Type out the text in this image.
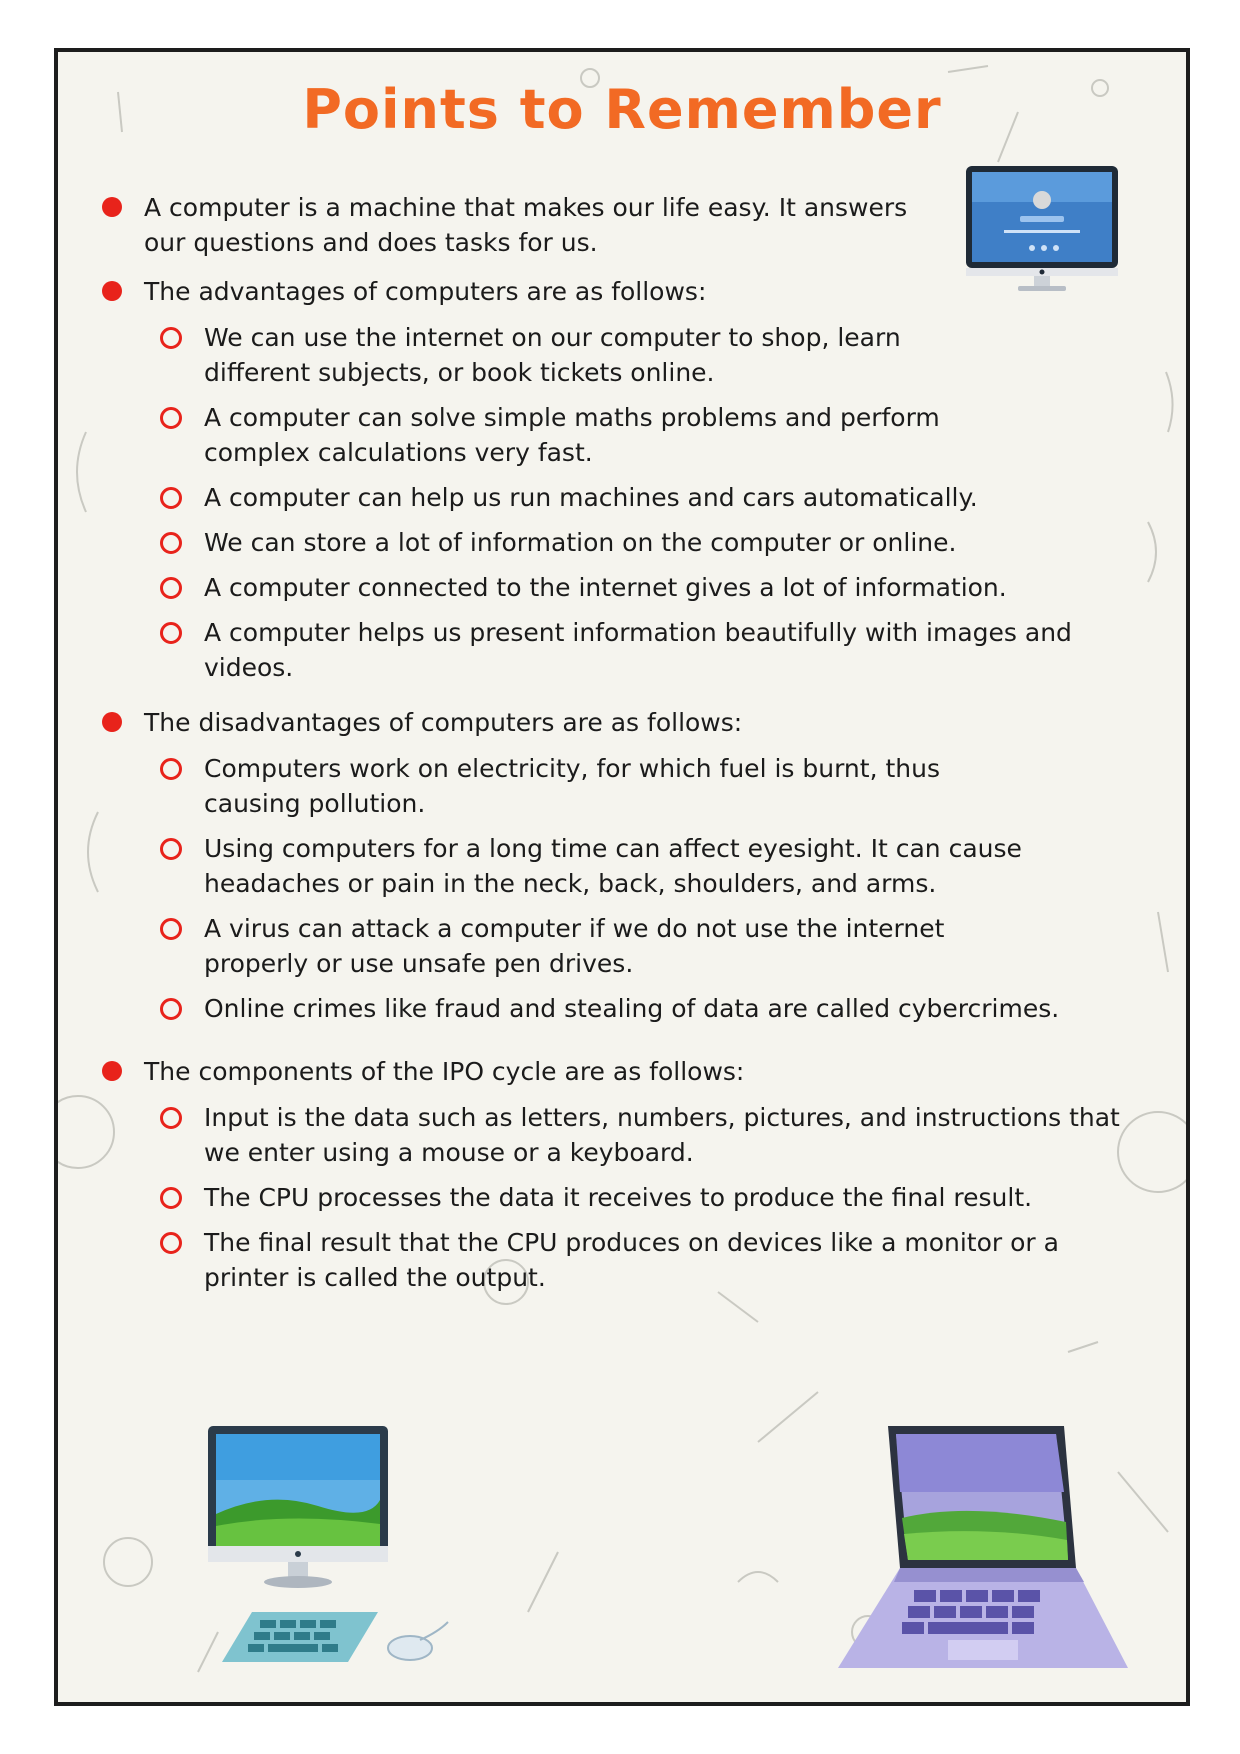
Points to Remember
A computer is a machine that makes our life easy. It answers our questions and does tasks for us.
The advantages of computers are as follows:
We can use the internet on our computer to shop, learn different subjects, or book tickets online.
A computer can solve simple maths problems and perform complex calculations very fast.
A computer can help us run machines and cars automatically.
We can store a lot of information on the computer or online.
A computer connected to the internet gives a lot of information.
A computer helps us present information beautifully with images and videos.
The disadvantages of computers are as follows:
Computers work on electricity, for which fuel is burnt, thus causing pollution.
Using computers for a long time can affect eyesight. It can cause headaches or pain in the neck, back, shoulders, and arms.
A virus can attack a computer if we do not use the internet properly or use unsafe pen drives.
Online crimes like fraud and stealing of data are called cybercrimes.
The components of the IPO cycle are as follows:
Input is the data such as letters, numbers, pictures, and instructions that we enter using a mouse or a keyboard.
The CPU processes the data it receives to produce the final result.
The final result that the CPU produces on devices like a monitor or a printer is called the output.
